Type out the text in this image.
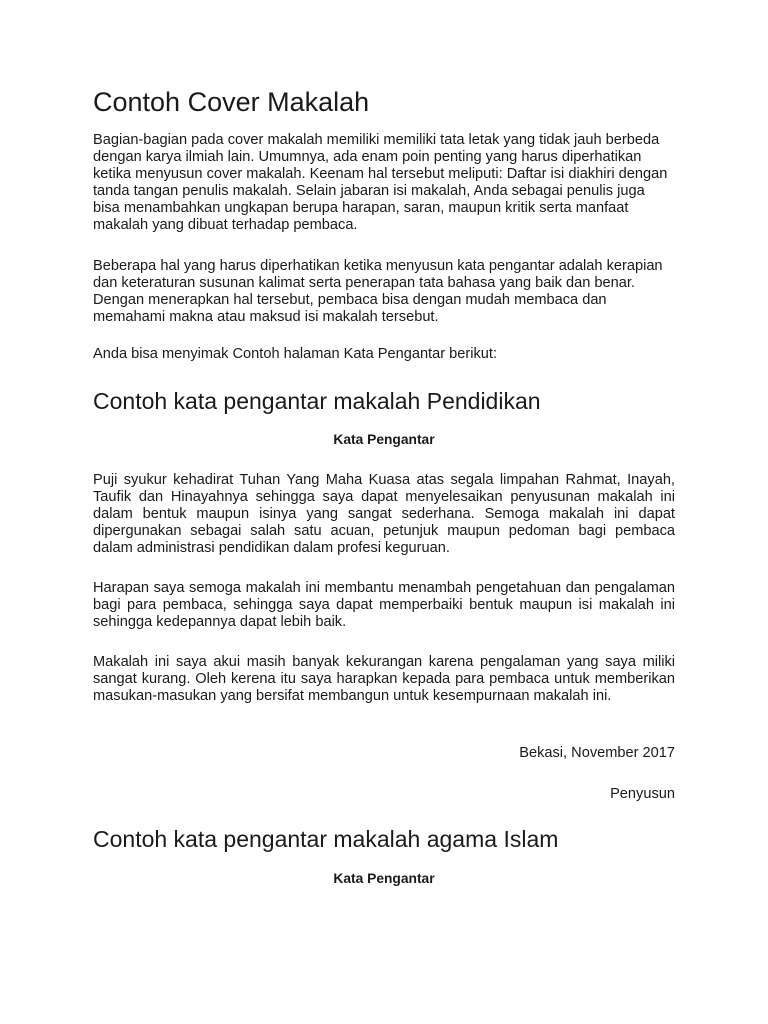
Contoh Cover Makalah

Bagian-bagian pada cover makalah memiliki memiliki tata letak yang tidak jauh berbeda dengan karya ilmiah lain. Umumnya, ada enam poin penting yang harus diperhatikan ketika menyusun cover makalah. Keenam hal tersebut meliputi: Daftar isi diakhiri dengan tanda tangan penulis makalah. Selain jabaran isi makalah, Anda sebagai penulis juga bisa menambahkan ungkapan berupa harapan, saran, maupun kritik serta manfaat makalah yang dibuat terhadap pembaca.

Beberapa hal yang harus diperhatikan ketika menyusun kata pengantar adalah kerapian dan keteraturan susunan kalimat serta penerapan tata bahasa yang baik dan benar. Dengan menerapkan hal tersebut, pembaca bisa dengan mudah membaca dan memahami makna atau maksud isi makalah tersebut.

Anda bisa menyimak Contoh halaman Kata Pengantar berikut:

Contoh kata pengantar makalah Pendidikan

Kata Pengantar

Puji syukur kehadirat Tuhan Yang Maha Kuasa atas segala limpahan Rahmat, Inayah, Taufik dan Hinayahnya sehingga saya dapat menyelesaikan penyusunan makalah ini dalam bentuk maupun isinya yang sangat sederhana. Semoga makalah ini dapat dipergunakan sebagai salah satu acuan, petunjuk maupun pedoman bagi pembaca dalam administrasi pendidikan dalam profesi keguruan.

Harapan saya semoga makalah ini membantu menambah pengetahuan dan pengalaman bagi para pembaca, sehingga saya dapat memperbaiki bentuk maupun isi makalah ini sehingga kedepannya dapat lebih baik.

Makalah ini saya akui masih banyak kekurangan karena pengalaman yang saya miliki sangat kurang. Oleh kerena itu saya harapkan kepada para pembaca untuk memberikan masukan-masukan yang bersifat membangun untuk kesempurnaan makalah ini.

Bekasi, November 2017

Penyusun

Contoh kata pengantar makalah agama Islam

Kata Pengantar
